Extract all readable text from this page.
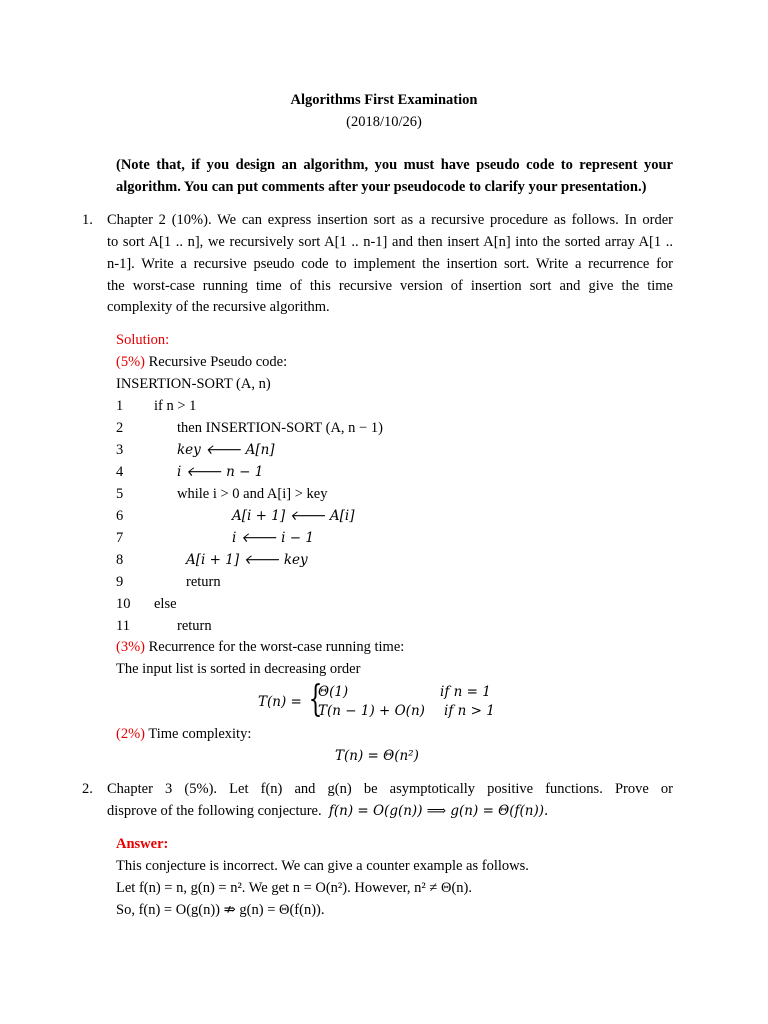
Algorithms First Examination
(2018/10/26)
(Note that, if you design an algorithm, you must have pseudo code to represent your
algorithm. You can put comments after your pseudocode to clarify your presentation.)
1. Chapter 2 (10%). We can express insertion sort as a recursive procedure as follows. In order
to sort A[1 .. n], we recursively sort A[1 .. n-1] and then insert A[n] into the sorted array A[1 ..
n-1]. Write a recursive pseudo code to implement the insertion sort. Write a recurrence for
the worst-case running time of this recursive version of insertion sort and give the time
complexity of the recursive algorithm.
Solution:
(5%) Recursive Pseudo code:
INSERTION-SORT (A, n)
1 if n > 1
2	then INSERTION-SORT (A, n − 1)
3	key 🡐 A[n]
4	i 🡐 n − 1
5	while i > 0 and A[i] > key
6	A[i + 1] 🡐 A[i]
7	i 🡐 i − 1
8	A[i + 1] 🡐 key
9	return
10 else
11	return
(3%) Recurrence for the worst-case running time:
The input list is sorted in decreasing order
T(n) = {
Θ(1)	if n = 1
T(n − 1) + O(n) if n > 1
(2%) Time complexity:
T(n) = Θ(n²)
2. Chapter 3 (5%). Let f(n) and g(n) be asymptotically positive functions. Prove or
disprove of the following conjecture. f(n) = O(g(n)) ⟹ g(n) = Θ(f(n)).
Answer:
This conjecture is incorrect. We can give a counter example as follows.
Let f(n) = n, g(n) = n². We get n = O(n²). However, n² ≠ Θ(n).
So, f(n) = O(g(n)) ⇏ g(n) = Θ(f(n)).
